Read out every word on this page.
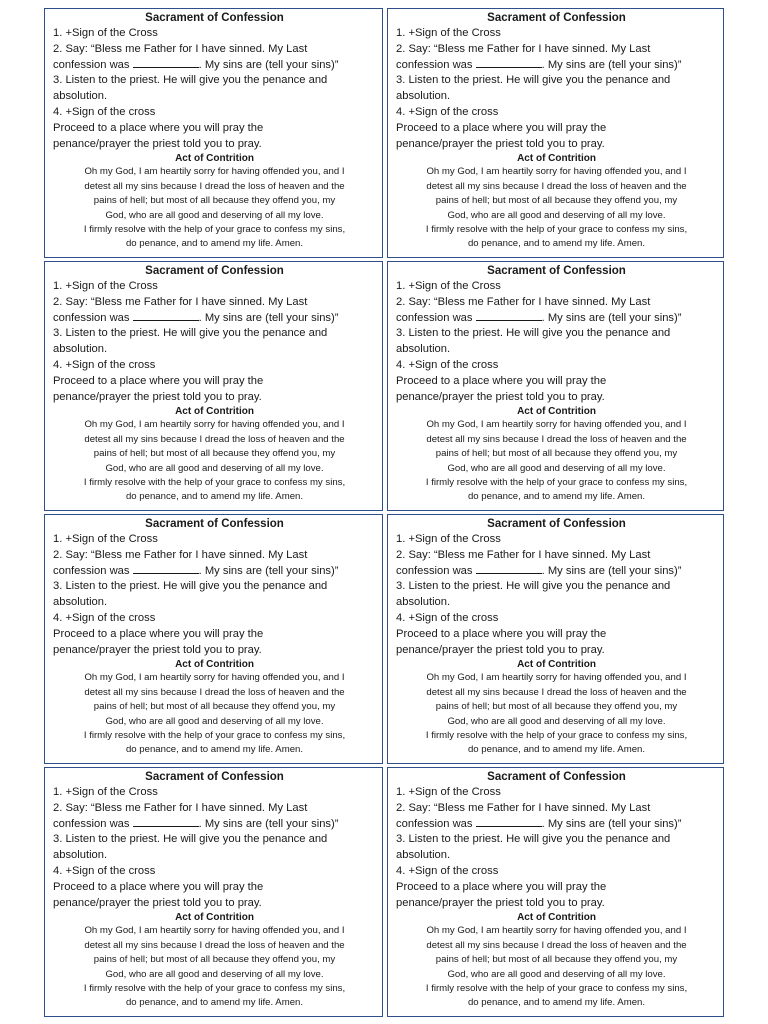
Sacrament of Confession

1. +Sign of the Cross

2. Say: “Bless me Father for I have sinned. My Last

confession was	. My sins are (tell your sins)”

3. Listen to the priest. He will give you the penance and

absolution.

4. +Sign of the cross

Proceed to a place where you will pray the

penance/prayer the priest told you to pray.

Act of Contrition

Oh my God, I am heartily sorry for having offended you, and I

detest all my sins because I dread the loss of heaven and the

pains of hell; but most of all because they offend you, my

God, who are all good and deserving of all my love.

I firmly resolve with the help of your grace to confess my sins,

do penance, and to amend my life. Amen.

Sacrament of Confession

1. +Sign of the Cross

2. Say: “Bless me Father for I have sinned. My Last

confession was	. My sins are (tell your sins)”

3. Listen to the priest. He will give you the penance and

absolution.

4. +Sign of the cross

Proceed to a place where you will pray the

penance/prayer the priest told you to pray.

Act of Contrition

Oh my God, I am heartily sorry for having offended you, and I

detest all my sins because I dread the loss of heaven and the

pains of hell; but most of all because they offend you, my

God, who are all good and deserving of all my love.

I firmly resolve with the help of your grace to confess my sins,

do penance, and to amend my life. Amen.

Sacrament of Confession

1. +Sign of the Cross

2. Say: “Bless me Father for I have sinned. My Last

confession was	. My sins are (tell your sins)”

3. Listen to the priest. He will give you the penance and

absolution.

4. +Sign of the cross

Proceed to a place where you will pray the

penance/prayer the priest told you to pray.

Act of Contrition

Oh my God, I am heartily sorry for having offended you, and I

detest all my sins because I dread the loss of heaven and the

pains of hell; but most of all because they offend you, my

God, who are all good and deserving of all my love.

I firmly resolve with the help of your grace to confess my sins,

do penance, and to amend my life. Amen.

Sacrament of Confession

1. +Sign of the Cross

2. Say: “Bless me Father for I have sinned. My Last

confession was	. My sins are (tell your sins)”

3. Listen to the priest. He will give you the penance and

absolution.

4. +Sign of the cross

Proceed to a place where you will pray the

penance/prayer the priest told you to pray.

Act of Contrition

Oh my God, I am heartily sorry for having offended you, and I

detest all my sins because I dread the loss of heaven and the

pains of hell; but most of all because they offend you, my

God, who are all good and deserving of all my love.

I firmly resolve with the help of your grace to confess my sins,

do penance, and to amend my life. Amen.

Sacrament of Confession

1. +Sign of the Cross

2. Say: “Bless me Father for I have sinned. My Last

confession was	. My sins are (tell your sins)”

3. Listen to the priest. He will give you the penance and

absolution.

4. +Sign of the cross

Proceed to a place where you will pray the

penance/prayer the priest told you to pray.

Act of Contrition

Oh my God, I am heartily sorry for having offended you, and I

detest all my sins because I dread the loss of heaven and the

pains of hell; but most of all because they offend you, my

God, who are all good and deserving of all my love.

I firmly resolve with the help of your grace to confess my sins,

do penance, and to amend my life. Amen.

Sacrament of Confession

1. +Sign of the Cross

2. Say: “Bless me Father for I have sinned. My Last

confession was	. My sins are (tell your sins)”

3. Listen to the priest. He will give you the penance and

absolution.

4. +Sign of the cross

Proceed to a place where you will pray the

penance/prayer the priest told you to pray.

Act of Contrition

Oh my God, I am heartily sorry for having offended you, and I

detest all my sins because I dread the loss of heaven and the

pains of hell; but most of all because they offend you, my

God, who are all good and deserving of all my love.

I firmly resolve with the help of your grace to confess my sins,

do penance, and to amend my life. Amen.

Sacrament of Confession

1. +Sign of the Cross

2. Say: “Bless me Father for I have sinned. My Last

confession was	. My sins are (tell your sins)”

3. Listen to the priest. He will give you the penance and

absolution.

4. +Sign of the cross

Proceed to a place where you will pray the

penance/prayer the priest told you to pray.

Act of Contrition

Oh my God, I am heartily sorry for having offended you, and I

detest all my sins because I dread the loss of heaven and the

pains of hell; but most of all because they offend you, my

God, who are all good and deserving of all my love.

I firmly resolve with the help of your grace to confess my sins,

do penance, and to amend my life. Amen.

Sacrament of Confession

1. +Sign of the Cross

2. Say: “Bless me Father for I have sinned. My Last

confession was	. My sins are (tell your sins)”

3. Listen to the priest. He will give you the penance and

absolution.

4. +Sign of the cross

Proceed to a place where you will pray the

penance/prayer the priest told you to pray.

Act of Contrition

Oh my God, I am heartily sorry for having offended you, and I

detest all my sins because I dread the loss of heaven and the

pains of hell; but most of all because they offend you, my

God, who are all good and deserving of all my love.

I firmly resolve with the help of your grace to confess my sins,

do penance, and to amend my life. Amen.
